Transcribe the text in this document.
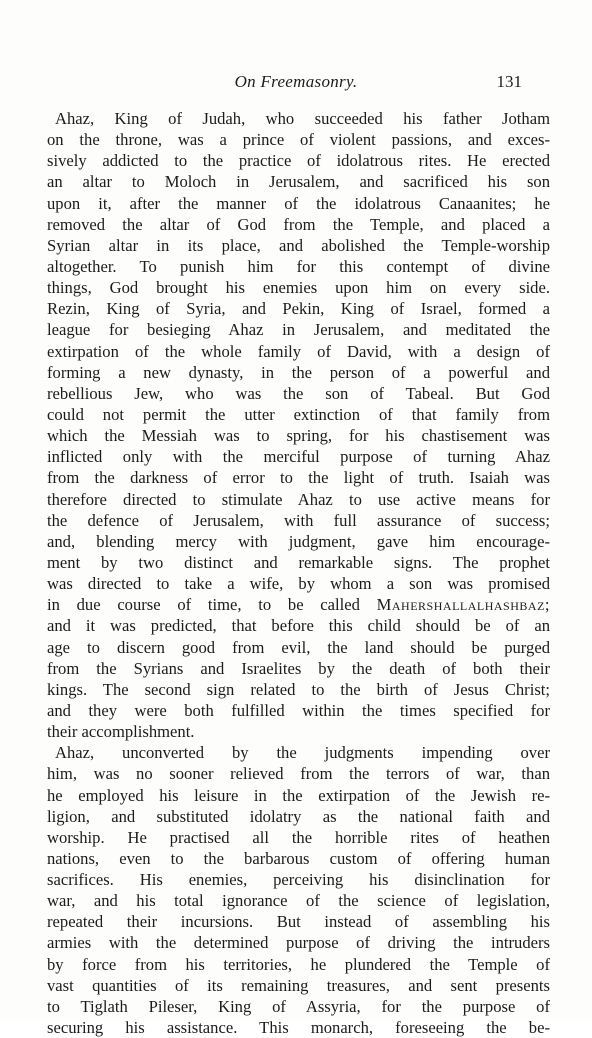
On Freemasonry.	131
Ahaz, King of Judah, who succeeded his father Jotham
on the throne, was a prince of violent passions, and exces-
sively addicted to the practice of idolatrous rites. He erected
an altar to Moloch in Jerusalem, and sacrificed his son
upon it, after the manner of the idolatrous Canaanites; he
removed the altar of God from the Temple, and placed a
Syrian altar in its place, and abolished the Temple-worship
altogether. To punish him for this contempt of divine
things, God brought his enemies upon him on every side.
Rezin, King of Syria, and Pekin, King of Israel, formed a
league for besieging Ahaz in Jerusalem, and meditated the
extirpation of the whole family of David, with a design of
forming a new dynasty, in the person of a powerful and
rebellious Jew, who was the son of Tabeal. But God
could not permit the utter extinction of that family from
which the Messiah was to spring, for his chastisement was
inflicted only with the merciful purpose of turning Ahaz
from the darkness of error to the light of truth. Isaiah was
therefore directed to stimulate Ahaz to use active means for
the defence of Jerusalem, with full assurance of success;
and, blending mercy with judgment, gave him encourage-
ment by two distinct and remarkable signs. The prophet
was directed to take a wife, by whom a son was promised
in due course of time, to be called Mahershallalhashbaz;
and it was predicted, that before this child should be of an
age to discern good from evil, the land should be purged
from the Syrians and Israelites by the death of both their
kings. The second sign related to the birth of Jesus Christ;
and they were both fulfilled within the times specified for
their accomplishment.
Ahaz, unconverted by the judgments impending over
him, was no sooner relieved from the terrors of war, than
he employed his leisure in the extirpation of the Jewish re-
ligion, and substituted idolatry as the national faith and
worship. He practised all the horrible rites of heathen
nations, even to the barbarous custom of offering human
sacrifices. His enemies, perceiving his disinclination for
war, and his total ignorance of the science of legislation,
repeated their incursions. But instead of assembling his
armies with the determined purpose of driving the intruders
by force from his territories, he plundered the Temple of
vast quantities of its remaining treasures, and sent presents
to Tiglath Pileser, King of Assyria, for the purpose of
securing his assistance. This monarch, foreseeing the be-
